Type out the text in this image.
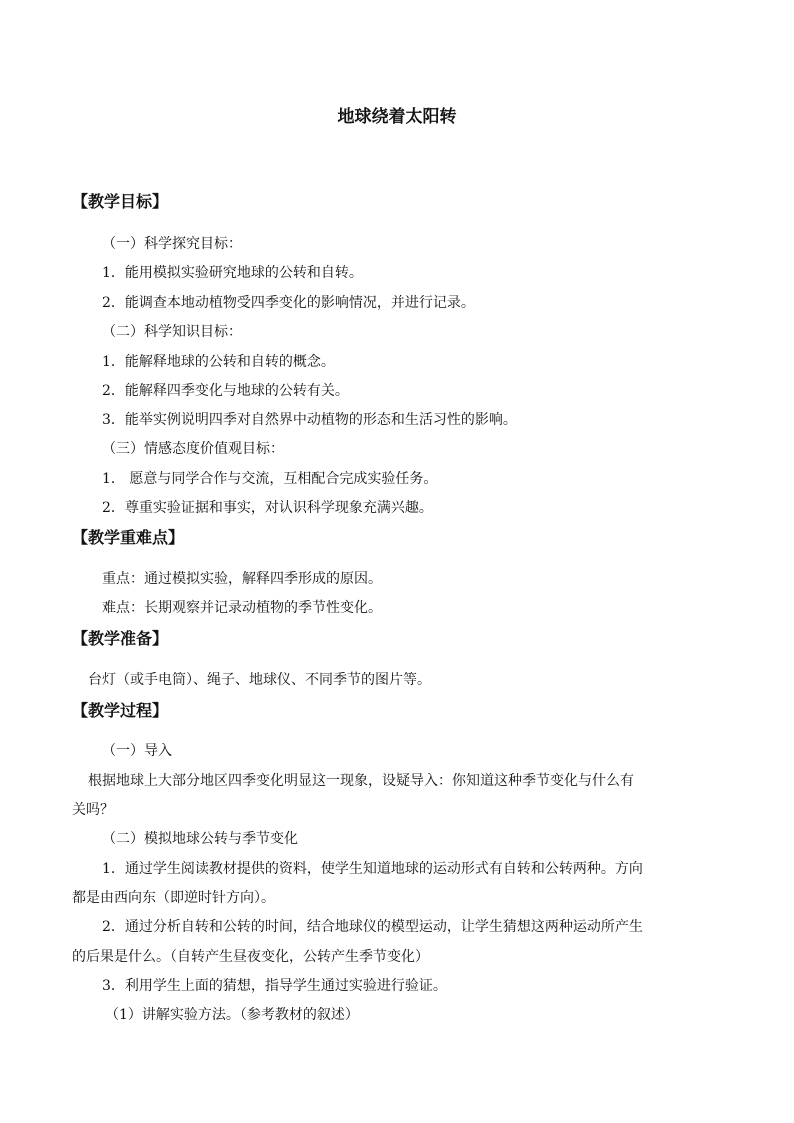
地球绕着太阳转
【教学目标】
（一）科学探究目标：
1．能用模拟实验研究地球的公转和自转。
2．能调查本地动植物受四季变化的影响情况，并进行记录。
（二）科学知识目标：
1．能解释地球的公转和自转的概念。
2．能解释四季变化与地球的公转有关。
3．能举实例说明四季对自然界中动植物的形态和生活习性的影响。
（三）情感态度价值观目标：
1． 愿意与同学合作与交流，互相配合完成实验任务。
2．尊重实验证据和事实，对认识科学现象充满兴趣。
【教学重难点】
重点：通过模拟实验，解释四季形成的原因。
难点：长期观察并记录动植物的季节性变化。
【教学准备】
台灯（或手电筒）、绳子、地球仪、不同季节的图片等。
【教学过程】
（一）导入
根据地球上大部分地区四季变化明显这一现象，设疑导入：你知道这种季节变化与什么有
关吗？
（二）模拟地球公转与季节变化
1．通过学生阅读教材提供的资料，使学生知道地球的运动形式有自转和公转两种。方向
都是由西向东（即逆时针方向）。
2．通过分析自转和公转的时间，结合地球仪的模型运动，让学生猜想这两种运动所产生
的后果是什么。（自转产生昼夜变化，公转产生季节变化）
3．利用学生上面的猜想，指导学生通过实验进行验证。
（1）讲解实验方法。（参考教材的叙述）
